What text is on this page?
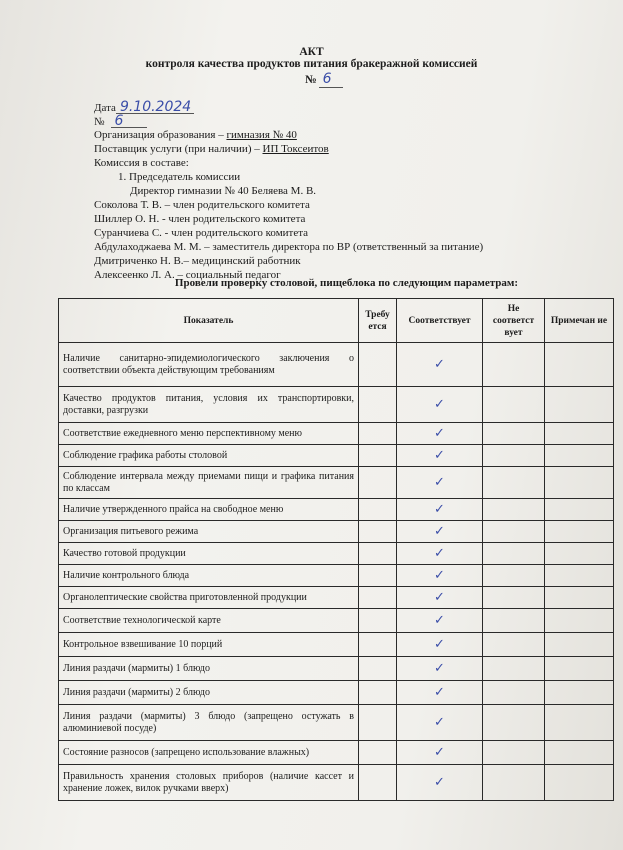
АКТ
контроля качества продуктов питания бракеражной комиссией
№ 6
Дата 9.10.2024
№ 6
Организация образования – гимназия № 40
Поставщик услуги (при наличии) – ИП Токсеитов
Комиссия в составе:
1. Председатель комиссии
Директор гимназии № 40 Беляева М. В.
Соколова Т. В. – член родительского комитета
Шиллер О. Н. - член родительского комитета
Суранчиева С. - член родительского комитета
Абдулаходжаева М. М. – заместитель директора по ВР (ответственный за питание)
Дмитриченко Н. В.– медицинский работник
Алексеенко Л. А. – социальный педагог
Провели проверку столовой, пищеблока по следующим параметрам:
Показатель	Требу ется	Соответствует	Не соответст вует	Примечан ие
Наличие санитарно-эпидемиологического заключения о соответствии объекта действующим требованиям		✓		
Качество продуктов питания, условия их транспортировки, доставки, разгрузки		✓		
Соответствие ежедневного меню перспективному меню		✓		
Соблюдение графика работы столовой		✓		
Соблюдение интервала между приемами пищи и графика питания по классам		✓		
Наличие утвержденного прайса на свободное меню		✓		
Организация питьевого режима		✓		
Качество готовой продукции		✓		
Наличие контрольного блюда		✓		
Органолептические свойства приготовленной продукции		✓		
Соответствие технологической карте		✓		
Контрольное взвешивание 10 порций		✓		
Линия раздачи (мармиты) 1 блюдо		✓		
Линия раздачи (мармиты) 2 блюдо		✓		
Линия раздачи (мармиты) 3 блюдо (запрещено остужать в алюминиевой посуде)		✓		
Состояние разносов (запрещено использование влажных)		✓		
Правильность хранения столовых приборов (наличие кассет и хранение ложек, вилок ручками вверх)		✓		
